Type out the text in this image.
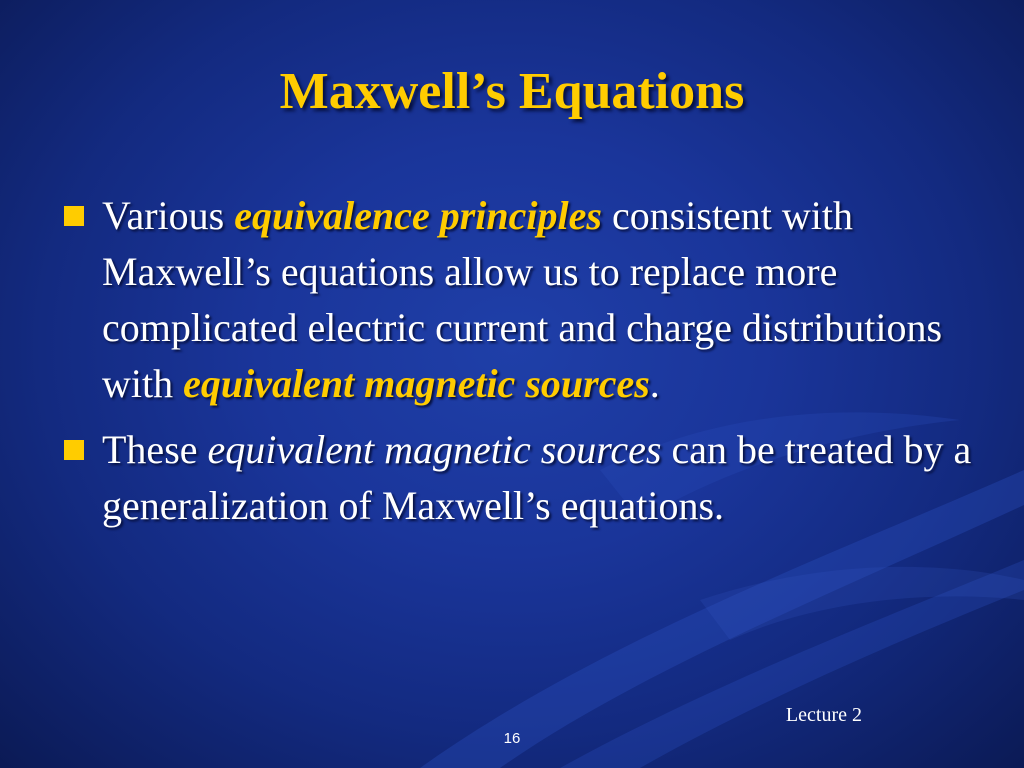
Maxwell’s Equations
Various equivalence principles consistent with Maxwell’s equations allow us to replace more complicated electric current and charge distributions with equivalent magnetic sources.
These equivalent magnetic sources can be treated by a generalization of Maxwell’s equations.
Lecture 2
16
